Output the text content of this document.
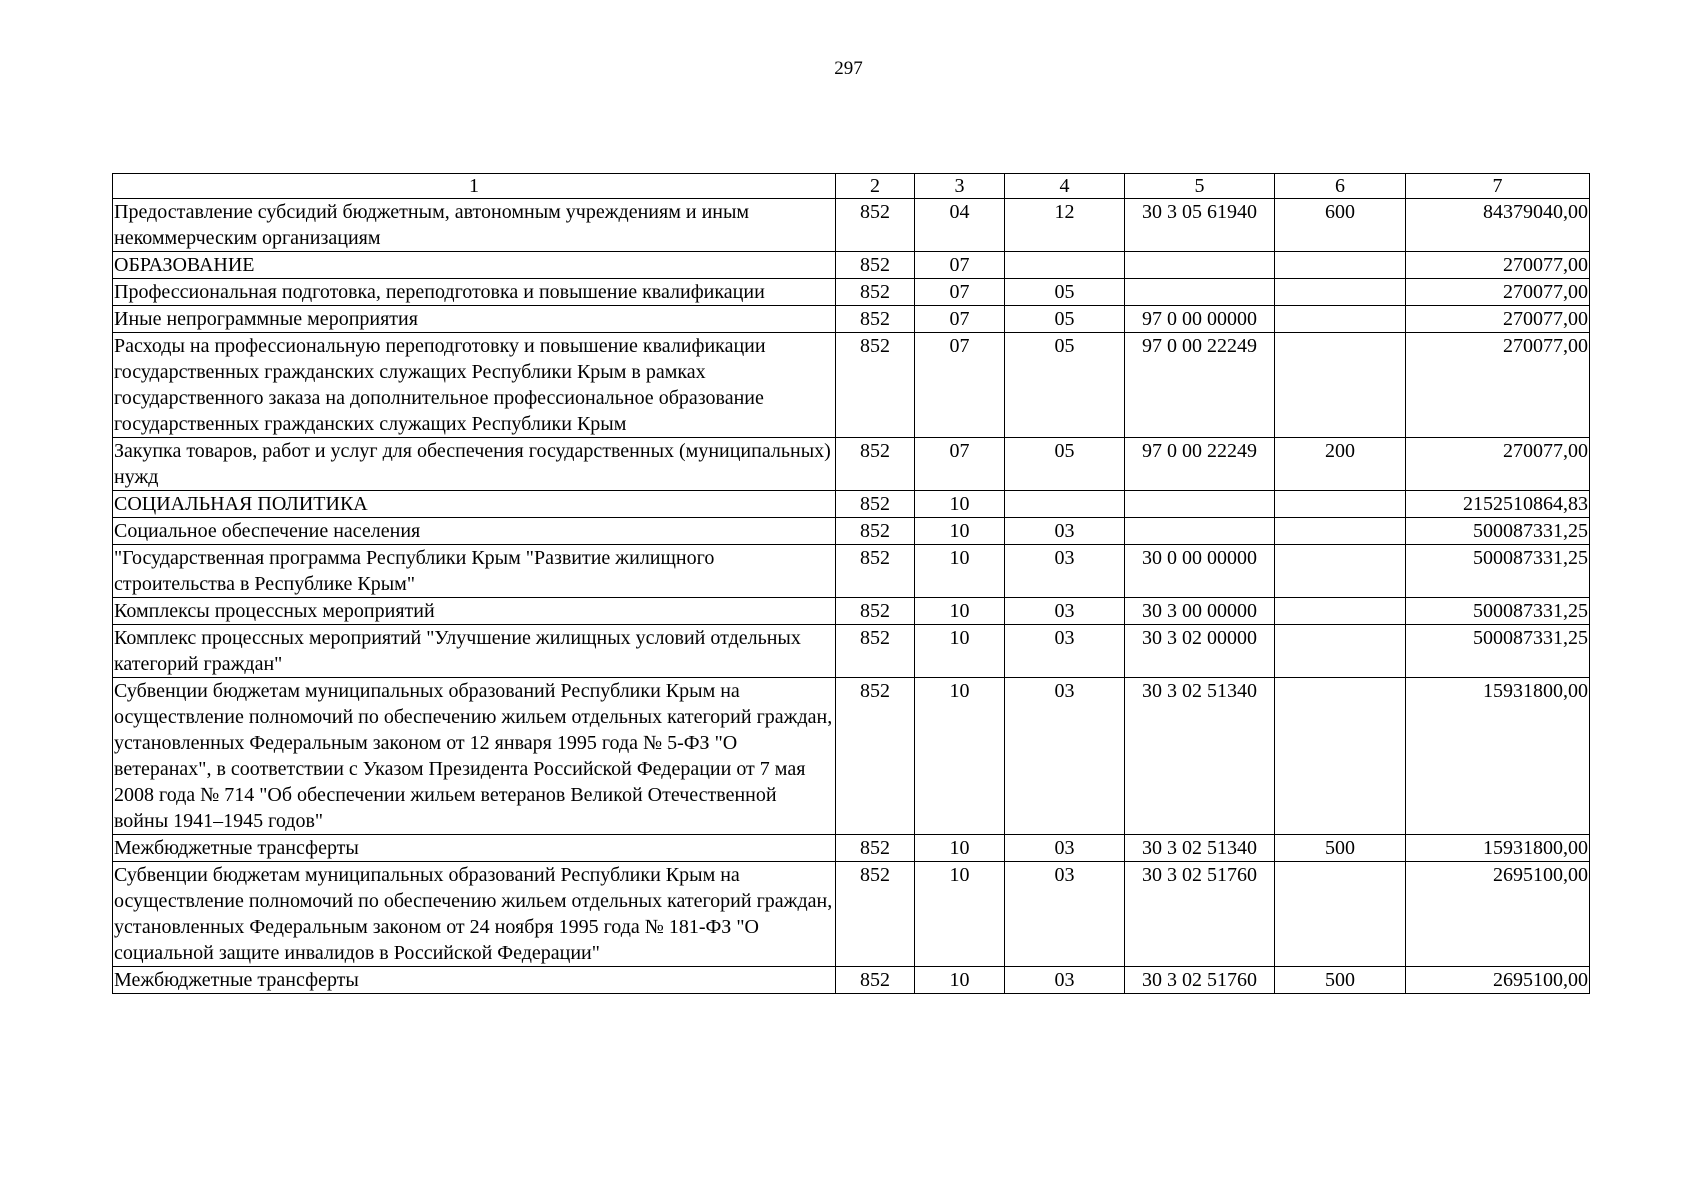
297
1	2	3	4	5	6	7
Предоставление субсидий бюджетным, автономным учреждениям и иным некоммерческим организациям	852	04	12	30 3 05 61940	600	84379040,00
ОБРАЗОВАНИЕ	852	07				270077,00
Профессиональная подготовка, переподготовка и повышение квалификации	852	07	05			270077,00
Иные непрограммные мероприятия	852	07	05	97 0 00 00000		270077,00
Расходы на профессиональную переподготовку и повышение квалификации государственных гражданских служащих Республики Крым в рамках государственного заказа на дополнительное профессиональное образование государственных гражданских служащих Республики Крым	852	07	05	97 0 00 22249		270077,00
Закупка товаров, работ и услуг для обеспечения государственных (муниципальных) нужд	852	07	05	97 0 00 22249	200	270077,00
СОЦИАЛЬНАЯ ПОЛИТИКА	852	10				2152510864,83
Социальное обеспечение населения	852	10	03			500087331,25
"Государственная программа Республики Крым "Развитие жилищного строительства в Республике Крым"	852	10	03	30 0 00 00000		500087331,25
Комплексы процессных мероприятий	852	10	03	30 3 00 00000		500087331,25
Комплекс процессных мероприятий "Улучшение жилищных условий отдельных категорий граждан"	852	10	03	30 3 02 00000		500087331,25
Субвенции бюджетам муниципальных образований Республики Крым на осуществление полномочий по обеспечению жильем отдельных категорий граждан, установленных Федеральным законом от 12 января 1995 года № 5-ФЗ "О ветеранах", в соответствии с Указом Президента Российской Федерации от 7 мая 2008 года № 714 "Об обеспечении жильем ветеранов Великой Отечественной войны 1941–1945 годов"	852	10	03	30 3 02 51340		15931800,00
Межбюджетные трансферты	852	10	03	30 3 02 51340	500	15931800,00
Субвенции бюджетам муниципальных образований Республики Крым на осуществление полномочий по обеспечению жильем отдельных категорий граждан, установленных Федеральным законом от 24 ноября 1995 года № 181-ФЗ "О социальной защите инвалидов в Российской Федерации"	852	10	03	30 3 02 51760		2695100,00
Межбюджетные трансферты	852	10	03	30 3 02 51760	500	2695100,00
